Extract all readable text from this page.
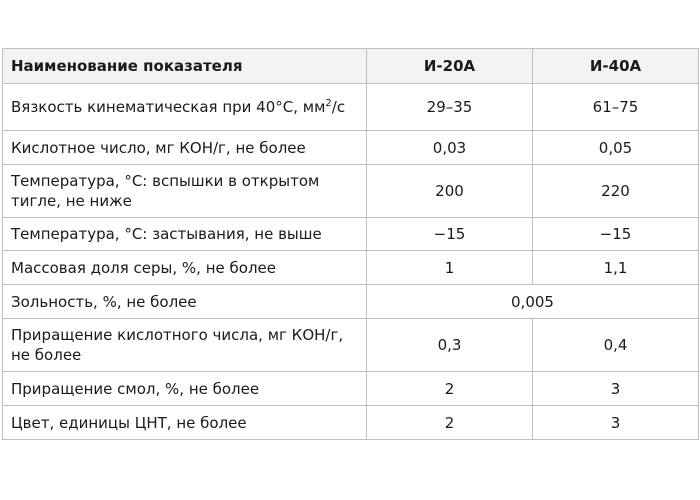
Наименование показателя	И-20А	И-40А
Вязкость кинематическая при 40°С, $мм^2/с$	29–35	61–75
Кислотное число, мг КОН/г, не более	0,03	0,05
Температура, °С: вспышки в открытом тигле, не ниже	200	220
Температура, °С: застывания, не выше	−15	−15
Массовая доля серы, %, не более	1	1,1
Зольность, %, не более	0,005	
Приращение кислотного числа, мг КОН/г, не более	0,3	0,4
Приращение смол, %, не более	2	3
Цвет, единицы ЦНТ, не более	2	3
